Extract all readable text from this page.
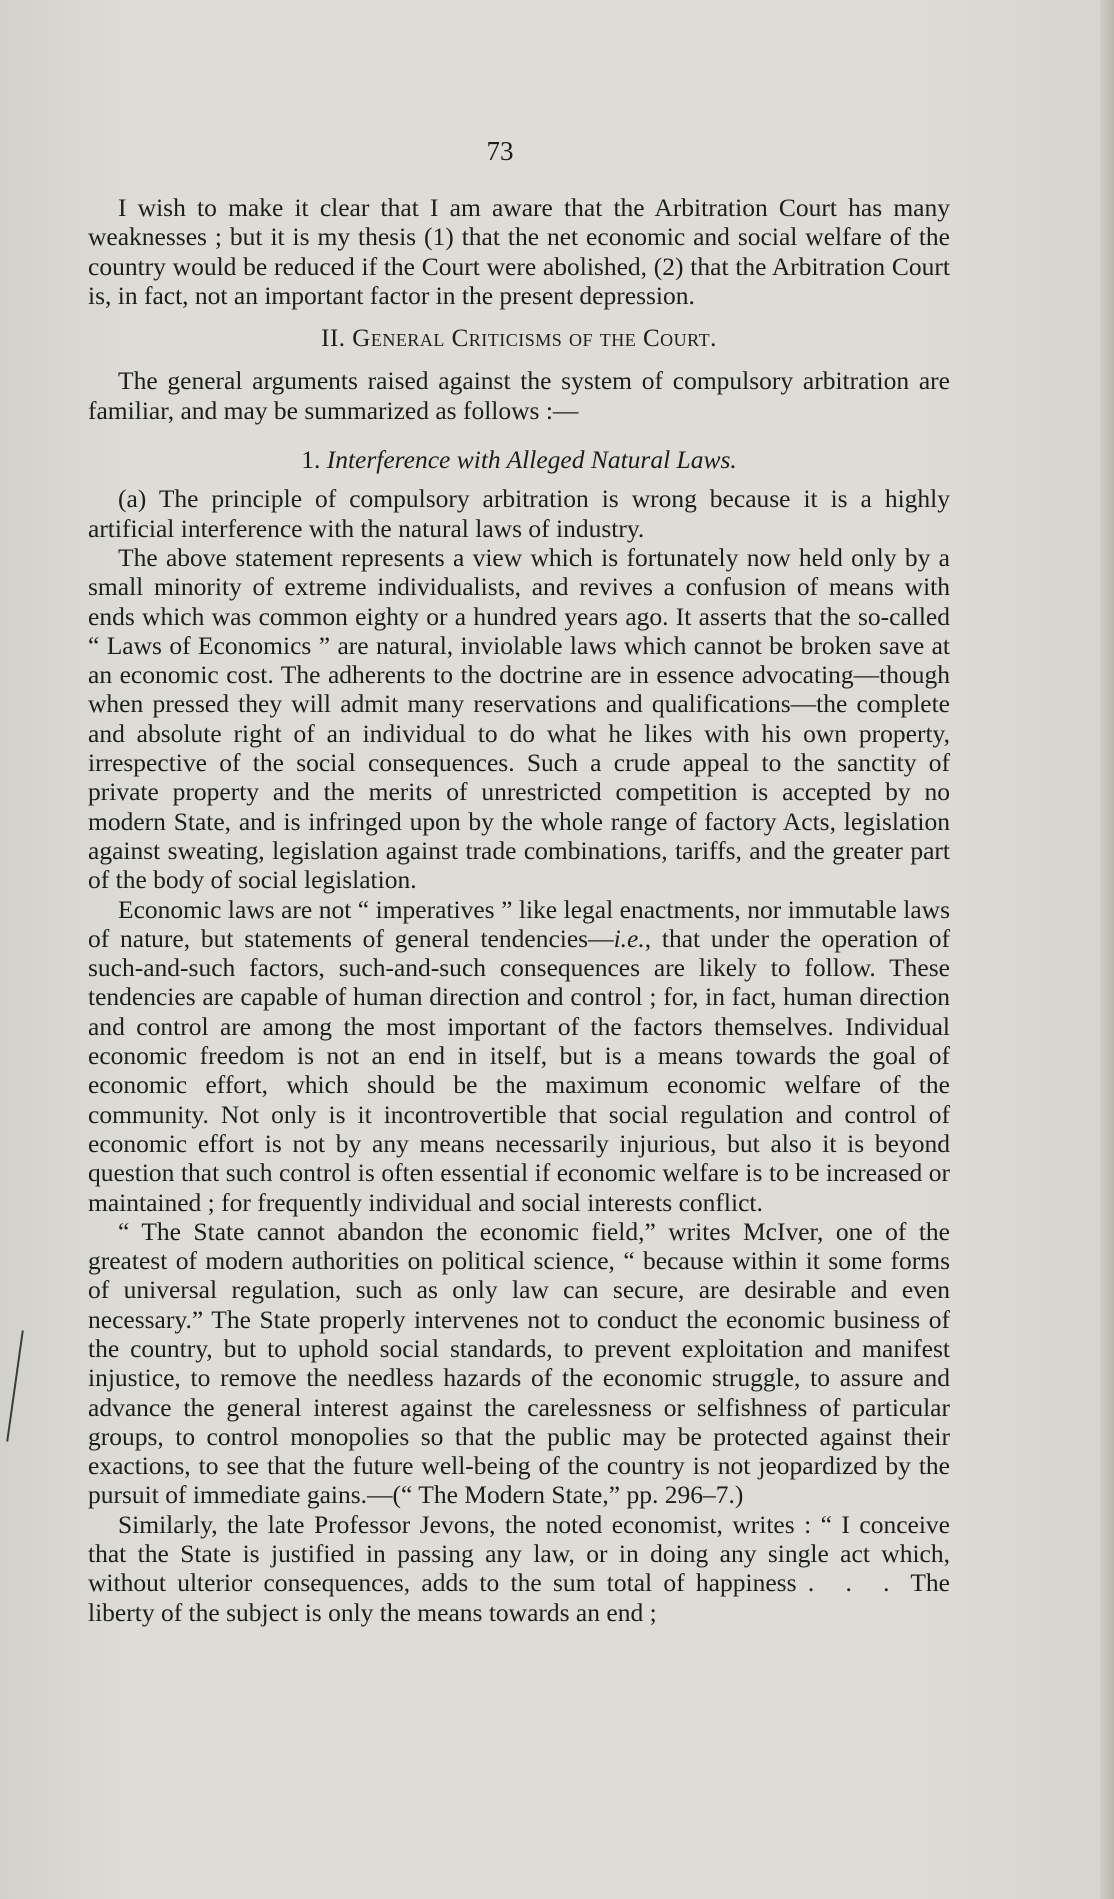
73

I wish to make it clear that I am aware that the Arbitration Court has many weaknesses ; but it is my thesis (1) that the net economic and social welfare of the country would be reduced if the Court were abolished, (2) that the Arbitration Court is, in fact, not an important factor in the present depression.

II. General Criticisms of the Court.

The general arguments raised against the system of compulsory arbitration are familiar, and may be summarized as follows :—

1. Interference with Alleged Natural Laws.

(a) The principle of compulsory arbitration is wrong because it is a highly artificial interference with the natural laws of industry.

The above statement represents a view which is fortunately now held only by a small minority of extreme individualists, and revives a confusion of means with ends which was common eighty or a hundred years ago. It asserts that the so-called “ Laws of Economics ” are natural, inviolable laws which cannot be broken save at an economic cost. The adherents to the doctrine are in essence advocating—though when pressed they will admit many reservations and qualifications—the complete and absolute right of an individual to do what he likes with his own property, irrespective of the social consequences. Such a crude appeal to the sanctity of private property and the merits of unrestricted competition is accepted by no modern State, and is infringed upon by the whole range of factory Acts, legislation against sweating, legislation against trade combinations, tariffs, and the greater part of the body of social legislation.

Economic laws are not “ imperatives ” like legal enactments, nor immutable laws of nature, but statements of general tendencies—i.e., that under the operation of such-and-such factors, such-and-such consequences are likely to follow. These tendencies are capable of human direction and control ; for, in fact, human direction and control are among the most important of the factors themselves. Individual economic freedom is not an end in itself, but is a means towards the goal of economic effort, which should be the maximum economic welfare of the community. Not only is it incontrovertible that social regulation and control of economic effort is not by any means necessarily injurious, but also it is beyond question that such control is often essential if economic welfare is to be increased or maintained ; for frequently individual and social interests conflict.

“ The State cannot abandon the economic field,” writes McIver, one of the greatest of modern authorities on political science, “ because within it some forms of universal regulation, such as only law can secure, are desirable and even necessary.” The State properly intervenes not to conduct the economic business of the country, but to uphold social standards, to prevent exploitation and manifest injustice, to remove the needless hazards of the economic struggle, to assure and advance the general interest against the carelessness or selfishness of particular groups, to control monopolies so that the public may be protected against their exactions, to see that the future well-being of the country is not jeopardized by the pursuit of immediate gains.—(“ The Modern State,” pp. 296–7.)

Similarly, the late Professor Jevons, the noted economist, writes : “ I conceive that the State is justified in passing any law, or in doing any single act which, without ulterior consequences, adds to the sum total of happiness . . . The liberty of the subject is only the means towards an end ;
